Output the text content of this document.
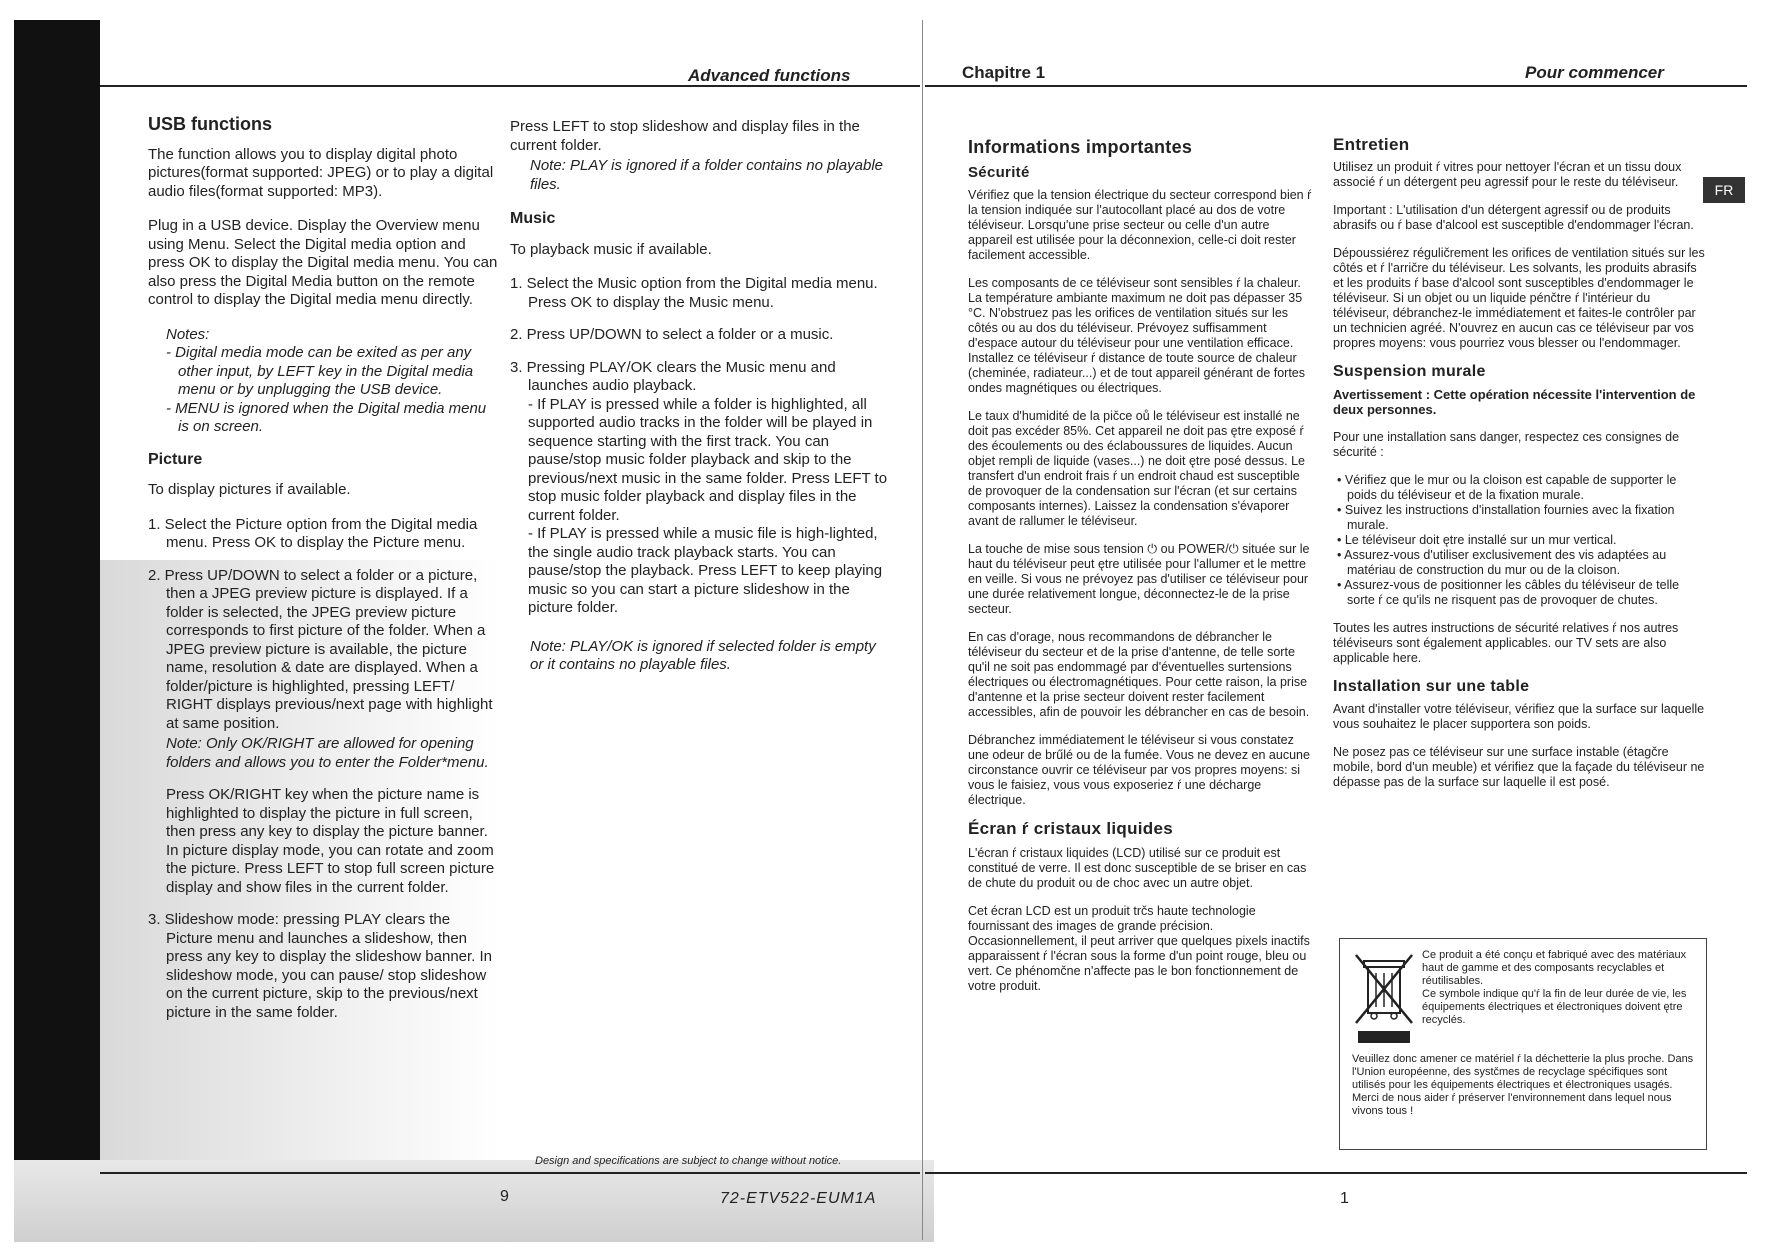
Advanced functions	Chapitre 1	Pour commencer
FR
USB functions

The function allows you to display digital photo pictures(format supported: JPEG) or to play a digital audio files(format supported: MP3).

Plug in a USB device. Display the Overview menu using Menu. Select the Digital media option and press OK to display the Digital media menu. You can also press the Digital Media button on the remote control to display the Digital media menu directly.

Notes:
- Digital media mode can be exited as per any other input, by LEFT key in the Digital media menu or by unplugging the USB device.
- MENU is ignored when the Digital media menu is on screen.
Picture

To display pictures if available.

1. Select the Picture option from the Digital media menu. Press OK to display the Picture menu.
2. Press UP/DOWN to select a folder or a picture, then a JPEG preview picture is displayed. If a folder is selected, the JPEG preview picture corresponds to first picture of the folder. When a JPEG preview picture is available, the picture name, resolution & date are displayed. When a folder/picture is highlighted, pressing LEFT/ RIGHT displays previous/next page with highlight at same position.
Note: Only OK/RIGHT are allowed for opening folders and allows you to enter the Folder*menu.
Press OK/RIGHT key when the picture name is highlighted to display the picture in full screen, then press any key to display the picture banner. In picture display mode, you can rotate and zoom the picture. Press LEFT to stop full screen picture display and show files in the current folder.
3. Slideshow mode: pressing PLAY clears the Picture menu and launches a slideshow, then press any key to display the slideshow banner. In slideshow mode, you can pause/ stop slideshow on the current picture, skip to the previous/next picture in the same folder.

Press LEFT to stop slideshow and display files in the current folder.

Note: PLAY is ignored if a folder contains no playable files.

Music

To playback music if available.

1. Select the Music option from the Digital media menu. Press OK to display the Music menu.
2. Press UP/DOWN to select a folder or a music.
3. Pressing PLAY/OK clears the Music menu and launches audio playback.
- If PLAY is pressed while a folder is highlighted, all supported audio tracks in the folder will be played in sequence starting with the first track. You can pause/stop music folder playback and skip to the previous/next music in the same folder. Press LEFT to stop music folder playback and display files in the current folder.
- If PLAY is pressed while a music file is high-lighted, the single audio track playback starts. You can pause/stop the playback. Press LEFT to keep playing music so you can start a picture slideshow in the picture folder.

Note: PLAY/OK is ignored if selected folder is empty or it contains no playable files.

Design and specifications are subject to change without notice.
9	72-ETV522-EUM1A
Informations importantes
Sécurité

Vérifiez que la tension électrique du secteur correspond bien ŕ la tension indiquée sur l'autocollant placé au dos de votre téléviseur. Lorsqu'une prise secteur ou celle d'un autre appareil est utilisée pour la déconnexion, celle-ci doit rester facilement accessible.

Les composants de ce téléviseur sont sensibles ŕ la chaleur. La température ambiante maximum ne doit pas dépasser 35 °C. N'obstruez pas les orifices de ventilation situés sur les côtés ou au dos du téléviseur. Prévoyez suffisamment d'espace autour du téléviseur pour une ventilation efficace. Installez ce téléviseur ŕ distance de toute source de chaleur (cheminée, radiateur...) et de tout appareil générant de fortes ondes magnétiques ou électriques.

Le taux d'humidité de la pičce oů le téléviseur est installé ne doit pas excéder 85%. Cet appareil ne doit pas ętre exposé ŕ des écoulements ou des éclaboussures de liquides. Aucun objet rempli de liquide (vases...) ne doit ętre posé dessus. Le transfert d'un endroit frais ŕ un endroit chaud est susceptible de provoquer de la condensation sur l'écran (et sur certains composants internes). Laissez la condensation s'évaporer avant de rallumer le téléviseur.

La touche de mise sous tension ⏻ ou POWER/⏻ située sur le haut du téléviseur peut ętre utilisée pour l'allumer et le mettre en veille. Si vous ne prévoyez pas d'utiliser ce téléviseur pour une durée relativement longue, déconnectez-le de la prise secteur.

En cas d'orage, nous recommandons de débrancher le téléviseur du secteur et de la prise d'antenne, de telle sorte qu'il ne soit pas endommagé par d'éventuelles surtensions électriques ou électromagnétiques. Pour cette raison, la prise d'antenne et la prise secteur doivent rester facilement accessibles, afin de pouvoir les débrancher en cas de besoin.

Débranchez immédiatement le téléviseur si vous constatez une odeur de brűlé ou de la fumée. Vous ne devez en aucune circonstance ouvrir ce téléviseur par vos propres moyens: si vous le faisiez, vous vous exposeriez ŕ une décharge électrique.

Écran ŕ cristaux liquides

L'écran ŕ cristaux liquides (LCD) utilisé sur ce produit est constitué de verre. Il est donc susceptible de se briser en cas de chute du produit ou de choc avec un autre objet.

Cet écran LCD est un produit trčs haute technologie fournissant des images de grande précision. Occasionnellement, il peut arriver que quelques pixels inactifs apparaissent ŕ l'écran sous la forme d'un point rouge, bleu ou vert. Ce phénomčne n'affecte pas le bon fonctionnement de votre produit.

Entretien

Utilisez un produit ŕ vitres pour nettoyer l'écran et un tissu doux associé ŕ un détergent peu agressif pour le reste du téléviseur.

Important : L'utilisation d'un détergent agressif ou de produits abrasifs ou ŕ base d'alcool est susceptible d'endommager l'écran.

Dépoussiérez réguličrement les orifices de ventilation situés sur les côtés et ŕ l'arričre du téléviseur. Les solvants, les produits abrasifs et les produits ŕ base d'alcool sont susceptibles d'endommager le téléviseur. Si un objet ou un liquide pénčtre ŕ l'intérieur du téléviseur, débranchez-le immédiatement et faites-le contrôler par un technicien agréé. N'ouvrez en aucun cas ce téléviseur par vos propres moyens: vous pourriez vous blesser ou l'endommager.

Suspension murale

Avertissement : Cette opération nécessite l'intervention de deux personnes.

Pour une installation sans danger, respectez ces consignes de sécurité :

• Vérifiez que le mur ou la cloison est capable de supporter le poids du téléviseur et de la fixation murale.
• Suivez les instructions d'installation fournies avec la fixation murale.
• Le téléviseur doit ętre installé sur un mur vertical.
• Assurez-vous d'utiliser exclusivement des vis adaptées au matériau de construction du mur ou de la cloison.
• Assurez-vous de positionner les câbles du téléviseur de telle sorte ŕ ce qu'ils ne risquent pas de provoquer de chutes.

Toutes les autres instructions de sécurité relatives ŕ nos autres téléviseurs sont également applicables. our TV sets are also applicable here.

Installation sur une table

Avant d'installer votre téléviseur, vérifiez que la surface sur laquelle vous souhaitez le placer supportera son poids.

Ne posez pas ce téléviseur sur une surface instable (étagčre mobile, bord d'un meuble) et vérifiez que la façade du téléviseur ne dépasse pas de la surface sur laquelle il est posé.

Ce produit a été conçu et fabriqué avec des matériaux haut de gamme et des composants recyclables et réutilisables.
Ce symbole indique qu'ŕ la fin de leur durée de vie, les équipements électriques et électroniques doivent ętre recyclés.
Veuillez donc amener ce matériel ŕ la déchetterie la plus proche. Dans l'Union européenne, des systčmes de recyclage spécifiques sont utilisés pour les équipements électriques et électroniques usagés. Merci de nous aider ŕ préserver l'environnement dans lequel nous vivons tous !
1
